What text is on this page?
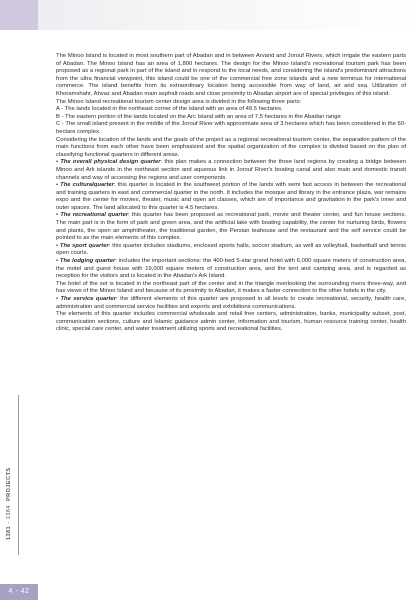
1381 - 1384  PROJECTS
4 - 42

The Minoo Island is located in most southern part of Abadan and in between Arvand and Jorouf Rivers, which irrigate the eastern parts of Abadan. The Minoo Island has an area of 1,800 hectares. The design for the Minoo Island's recreational tourism park has been proposed as a regional park in part of the island and in respond to the local needs, and considering the island's predominant attractions from the ultra financial viewpoint, this island could be one of the commercial free zone islands and a new terminus for international commerce. The island benefits from its extraordinary location being accessible from way of land, air and sea. Utilization of Khoramshahr, Ahvaz and Abadan main asphalt roads and close proximity to Abadan airport are of special privileges of this island.

The Minoo Island recreational tourism center design area is divided in the following three parts:

A - The lands located in the northeast corner of the island with an area of 49.5 hectares.

B - The eastern portion of the lands located on the Arc Island with an area of 7.5 hectares in the Abadan range

C - The small island present in the middle of the Jorouf River with approximate area of 3 hectares which has been considered in the 60-hectare complex.

Considering the location of the lands and the goals of the project as a regional recreational tourism center, the separation pattern of the main functions from each other have been emphasized and the spatial organization of the complex is divided based on the plan of classifying functional quarters in different areas.

• The overall physical design quarter: this plan makes a connection between the three land regions by creating a bridge between Minoo and Ark islands in the northeast section and aqueous link in Jorouf River's boating canal and also main and domestic transit channels and way of accessing the regions and user components.

• The culturalquarter: this quarter is located in the southwest portion of the lands with semi fast access in between the recreational and training quarters in east and commercial quarter in the north. It includes the mosque and library in the entrance plaza, war remains expo and the center for movies, theater, music and open art classes, which are of importance and gravitation in the park's inner and outer spaces. The land allocated to this quarter is 4.5 hectares.

• The recreational quarter: this quarter has been proposed as recreational park, movie and theater center, and fun house sections. The main part is in the form of park and green area, and the artificial lake with boating capability, the center for nurturing birds, flowers and plants, the open air amphitheater, the traditional garden, the Persian teahouse and the restaurant and the self service could be pointed to as the main elements of this complex.

• The sport quarter: this quarter includes stadiums, enclosed sports halls, soccer stadium, as well as volleyball, basketball and tennis open courts.

• The lodging quarter: includes the important sections: the 400-bed 5-star grand hotel with 6,000 square meters of construction area, the motel and guest house with 19,000 square meters of construction area, and the tent and camping area, and is regarded as reception for the visitors and is located in the Abadan's Ark Island.

The hotel of the set is located in the northeast part of the center and in the triangle overlooking the surrounding rivers three-way, and has views of the Minoo Island and because of its proximity to Abadan, it makes a faster connection to the other hotels in the city.

• The service quarter: the different elements of this quarter are proposed in all levels to create recreational, security, health care, administration and commercial service facilities and exports and exhibitions communications.

The elements of this quarter includes commercial wholesale and retail free centers, administration, banks, municipality subset, post, communication sections, culture and Islamic guidance admin center, information and tourism, human resource training center, health clinic, special care center, and water treatment utilizing sports and recreational facilities.
